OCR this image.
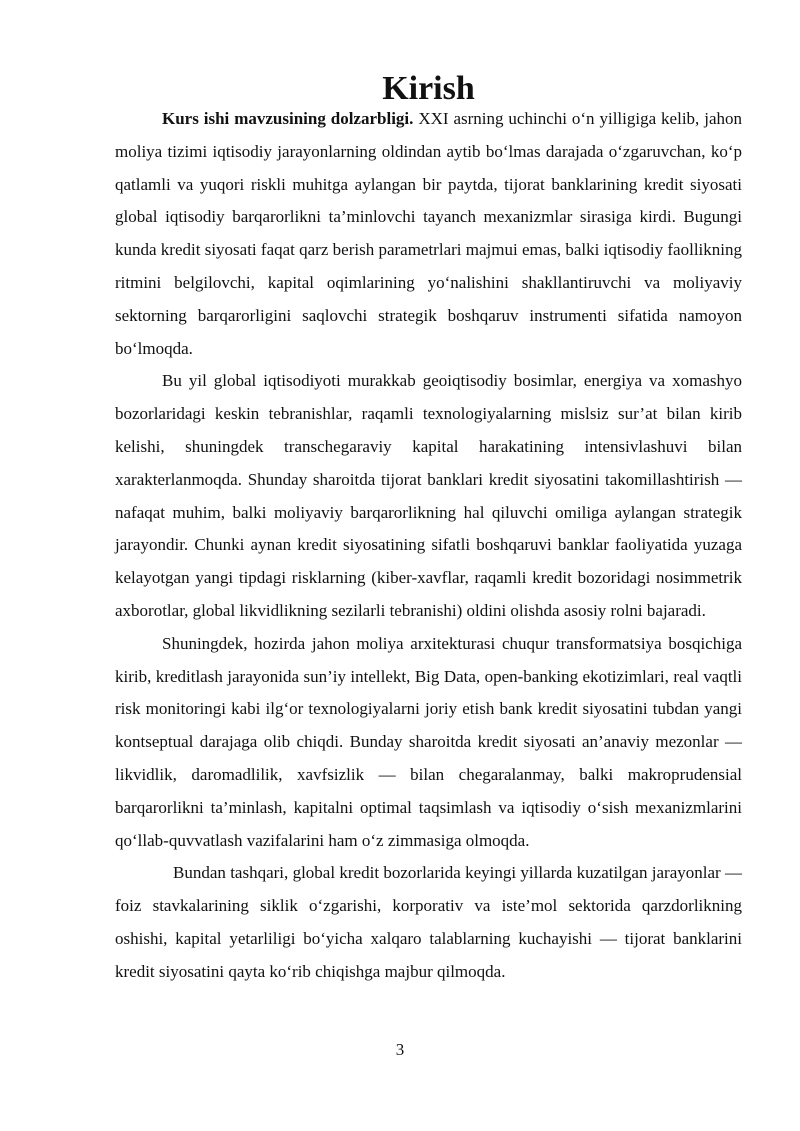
Kirish

Kurs ishi mavzusining dolzarbligi. XXI asrning uchinchi o‘n yilligiga kelib, jahon moliya tizimi iqtisodiy jarayonlarning oldindan aytib bo‘lmas darajada o‘zgaruvchan, ko‘p qatlamli va yuqori riskli muhitga aylangan bir paytda, tijorat banklarining kredit siyosati global iqtisodiy barqarorlikni ta’minlovchi tayanch mexanizmlar sirasiga kirdi. Bugungi kunda kredit siyosati faqat qarz berish parametrlari majmui emas, balki iqtisodiy faollikning ritmini belgilovchi, kapital oqimlarining yo‘nalishini shakllantiruvchi va moliyaviy sektorning barqarorligini saqlovchi strategik boshqaruv instrumenti sifatida namoyon bo‘lmoqda.

Bu yil global iqtisodiyoti murakkab geoiqtisodiy bosimlar, energiya va xomashyo bozorlaridagi keskin tebranishlar, raqamli texnologiyalarning mislsiz sur’at bilan kirib kelishi, shuningdek transchegaraviy kapital harakatining intensivlashuvi bilan xarakterlanmoqda. Shunday sharoitda tijorat banklari kredit siyosatini takomillashtirish — nafaqat muhim, balki moliyaviy barqarorlikning hal qiluvchi omiliga aylangan strategik jarayondir. Chunki aynan kredit siyosatining sifatli boshqaruvi banklar faoliyatida yuzaga kelayotgan yangi tipdagi risklarning (kiber-xavflar, raqamli kredit bozoridagi nosimmetrik axborotlar, global likvidlikning sezilarli tebranishi) oldini olishda asosiy rolni bajaradi.

Shuningdek, hozirda jahon moliya arxitekturasi chuqur transformatsiya bosqichiga kirib, kreditlash jarayonida sun’iy intellekt, Big Data, open-banking ekotizimlari, real vaqtli risk monitoringi kabi ilg‘or texnologiyalarni joriy etish bank kredit siyosatini tubdan yangi kontseptual darajaga olib chiqdi. Bunday sharoitda kredit siyosati an’anaviy mezonlar — likvidlik, daromadlilik, xavfsizlik — bilan chegaralanmay, balki makroprudensial barqarorlikni ta’minlash, kapitalni optimal taqsimlash va iqtisodiy o‘sish mexanizmlarini qo‘llab-quvvatlash vazifalarini ham o‘z zimmasiga olmoqda.

Bundan tashqari, global kredit bozorlarida keyingi yillarda kuzatilgan jarayonlar — foiz stavkalarining siklik o‘zgarishi, korporativ va iste’mol sektorida qarzdorlikning oshishi, kapital yetarliligi bo‘yicha xalqaro talablarning kuchayishi — tijorat banklarini kredit siyosatini qayta ko‘rib chiqishga majbur qilmoqda.

3
